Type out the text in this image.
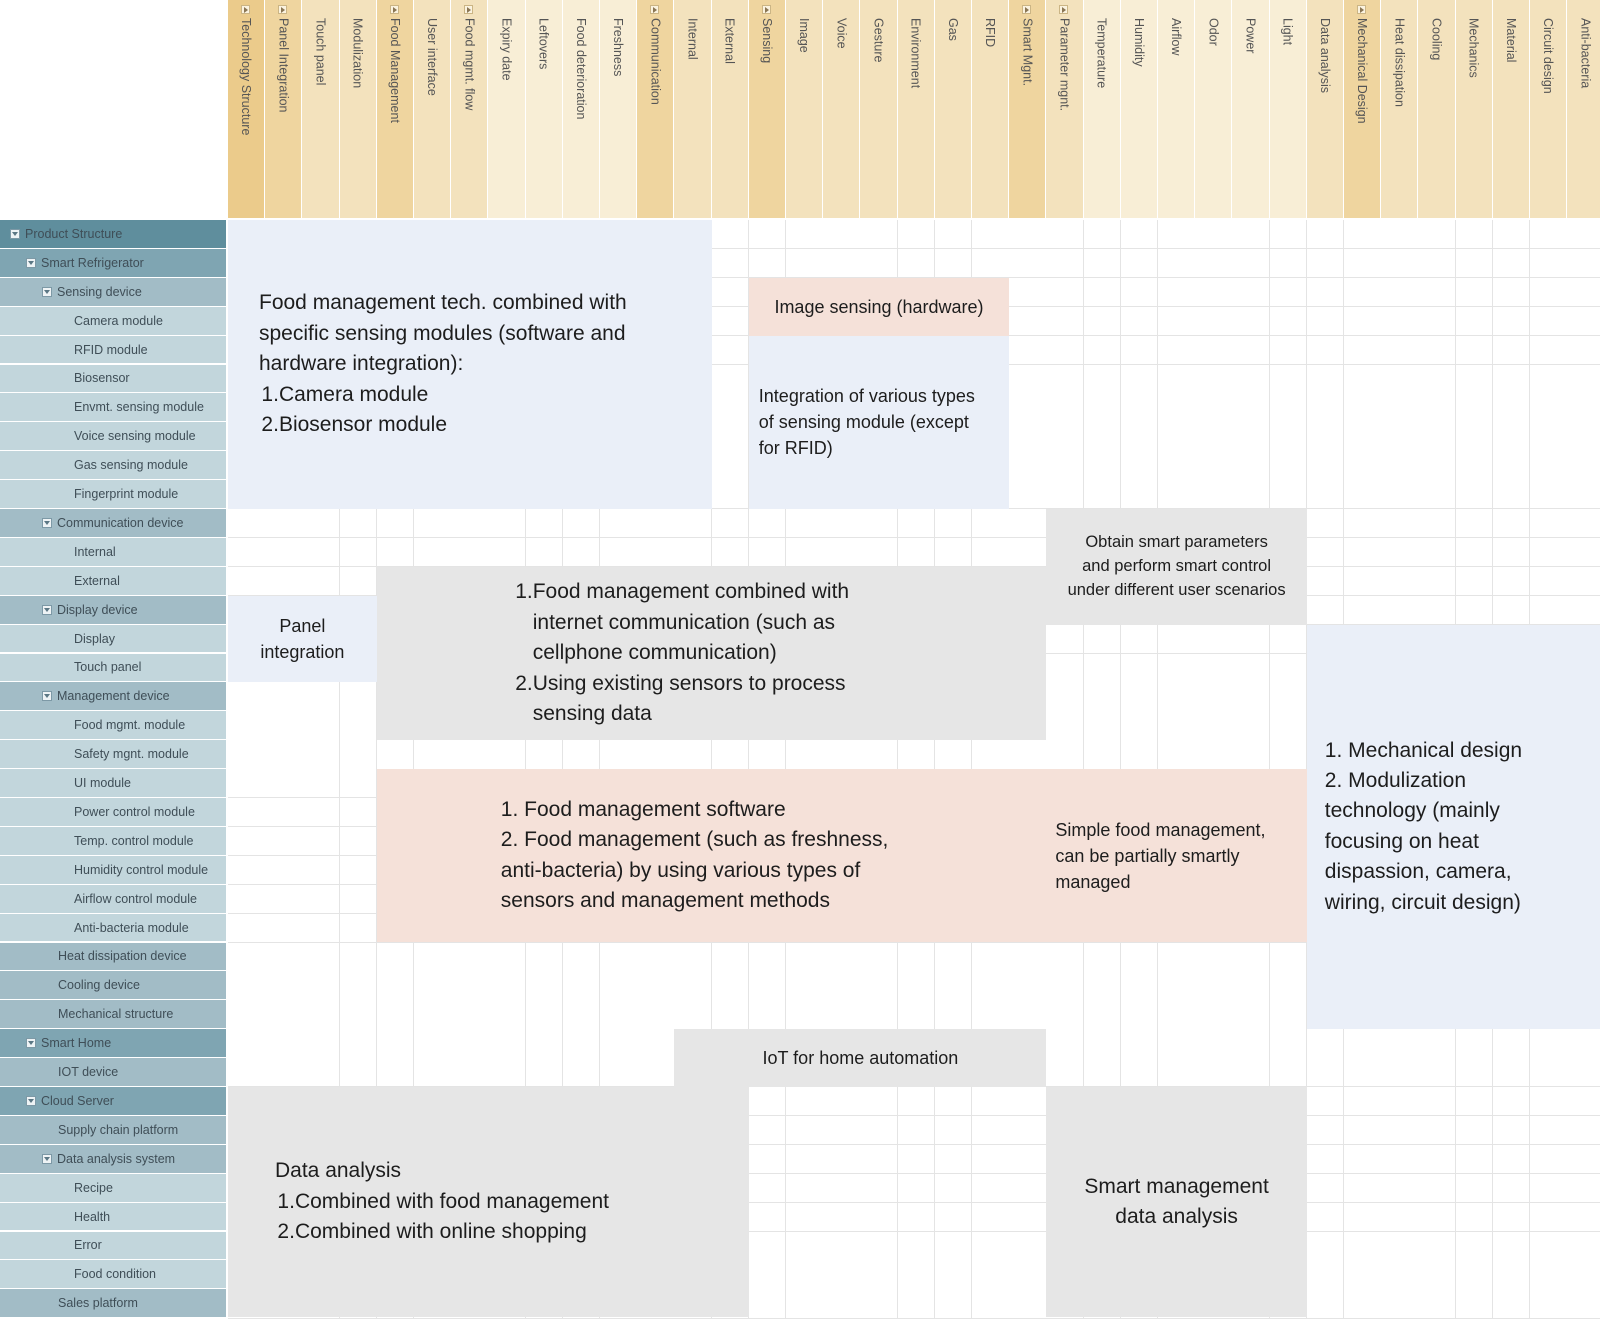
Technology Structure Panel Integration Touch panel Modulization Food Management User interface Food mgmt. flow Expiry date Leftovers Food deterioration Freshness Communication Internal External Sensing Image Voice Gesture Environment Gas RFID Smart Mgnt. Parameter mgnt. Temperature Humidity Airflow Odor Power Light Data analysis Mechanical Design Heat dissipation Cooling Mechanics Material Circuit design Anti-bacteria
Product Structure
Smart Refrigerator
Sensing device
Camera module
RFID module
Biosensor
Envmt. sensing module
Voice sensing module
Gas sensing module
Fingerprint module
Communication device
Internal
External
Display device
Display
Touch panel
Management device
Food mgmt. module
Safety mgnt. module
UI module
Power control module
Temp. control module
Humidity control module
Airflow control module
Anti-bacteria module
Heat dissipation device
Cooling device
Mechanical structure
Smart Home
IOT device
Cloud Server
Supply chain platform
Data analysis system
Recipe
Health
Error
Food condition
Sales platform
Food management tech. combined with
specific sensing modules (software and
hardware integration):
1. Camera module
2. Biosensor module
Image sensing (hardware)
Integration of various types
of sensing module (except
for RFID)
Obtain smart parameters
and perform smart control
under different user scenarios
Panel
integration
1. Food management combined with
internet communication (such as
cellphone communication)
2. Using existing sensors to process
sensing data
1. Mechanical design
2. Modulization
technology (mainly
focusing on heat
dispassion, camera,
wiring, circuit design)
1. Food management software
2. Food management (such as freshness,
anti-bacteria) by using various types of
sensors and management methods
Simple food management,
can be partially smartly
managed
IoT for home automation
Data analysis
1. Combined with food management
2. Combined with online shopping
Smart management
data analysis
